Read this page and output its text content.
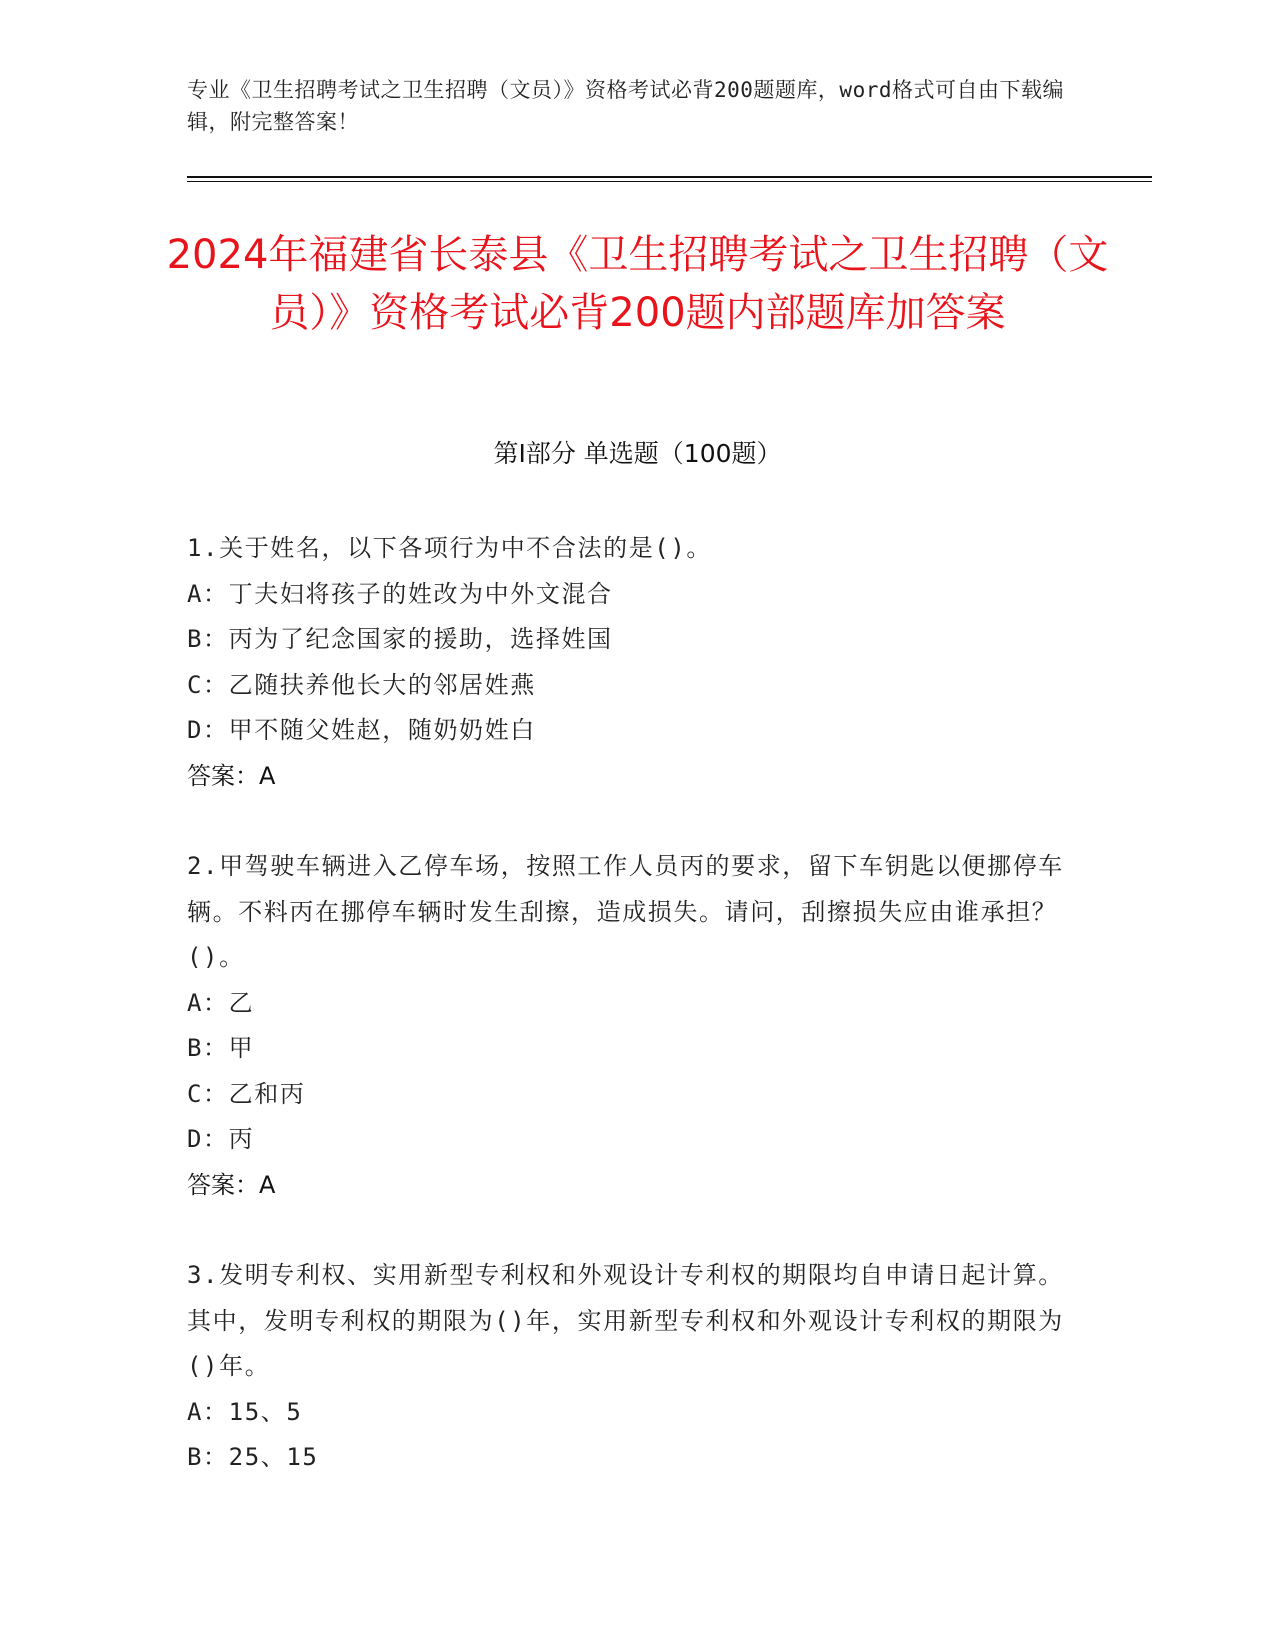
专业《卫生招聘考试之卫生招聘（文员）》资格考试必背200题题库，word格式可自由下载编辑，附完整答案！
2024年福建省长泰县《卫生招聘考试之卫生招聘（文员）》资格考试必背200题内部题库加答案
第I部分 单选题（100题）
1.关于姓名，以下各项行为中不合法的是()。
A：丁夫妇将孩子的姓改为中外文混合
B：丙为了纪念国家的援助，选择姓国
C：乙随扶养他长大的邻居姓燕
D：甲不随父姓赵，随奶奶姓白
答案：A
2.甲驾驶车辆进入乙停车场，按照工作人员丙的要求，留下车钥匙以便挪停车辆。不料丙在挪停车辆时发生刮擦，造成损失。请问，刮擦损失应由谁承担？()。
A：乙
B：甲
C：乙和丙
D：丙
答案：A
3.发明专利权、实用新型专利权和外观设计专利权的期限均自申请日起计算。其中，发明专利权的期限为()年，实用新型专利权和外观设计专利权的期限为()年。
A：15、5
B：25、15
